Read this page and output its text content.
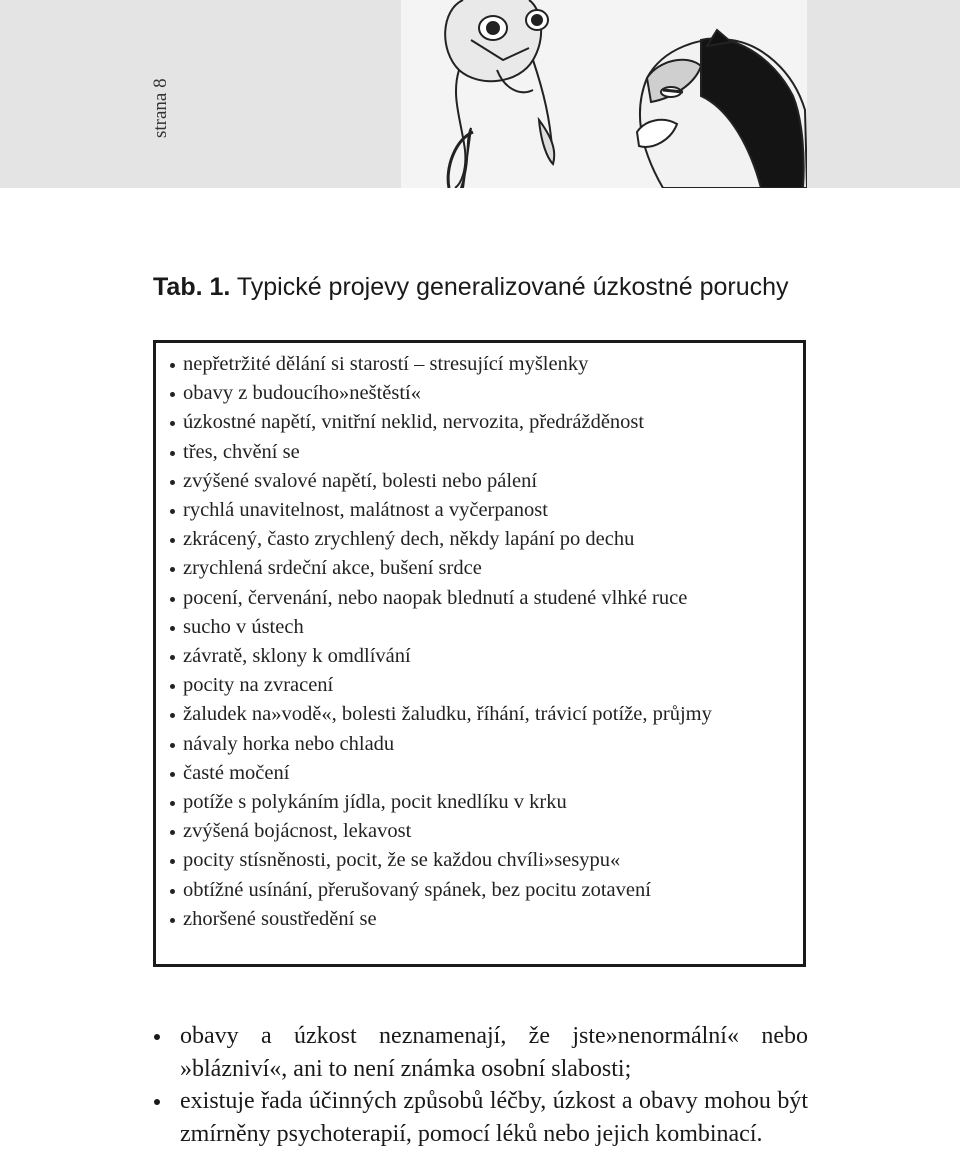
strana 8
Tab. 1. Typické projevy generalizované úzkostné poruchy
nepřetržité dělání si starostí – stresující myšlenky
obavy z budoucího»neštěstí«
úzkostné napětí, vnitřní neklid, nervozita, předrážděnost
třes, chvění se
zvýšené svalové napětí, bolesti nebo pálení
rychlá unavitelnost, malátnost a vyčerpanost
zkrácený, často zrychlený dech, někdy lapání po dechu
zrychlená srdeční akce, bušení srdce
pocení, červenání, nebo naopak blednutí a studené vlhké ruce
sucho v ústech
závratě, sklony k omdlívání
pocity na zvracení
žaludek na»vodě«, bolesti žaludku, říhání, trávicí potíže, průjmy
návaly horka nebo chladu
časté močení
potíže s polykáním jídla, pocit knedlíku v krku
zvýšená bojácnost, lekavost
pocity stísněnosti, pocit, že se každou chvíli»sesypu«
obtížné usínání, přerušovaný spánek, bez pocitu zotavení
zhoršené soustředění se
obavy a úzkost neznamenají, že jste»nenormální« nebo »blázniví«, ani to není známka osobní slabosti;
existuje řada účinných způsobů léčby, úzkost a obavy mohou být zmírněny psychoterapií, pomocí léků nebo jejich kombinací.
